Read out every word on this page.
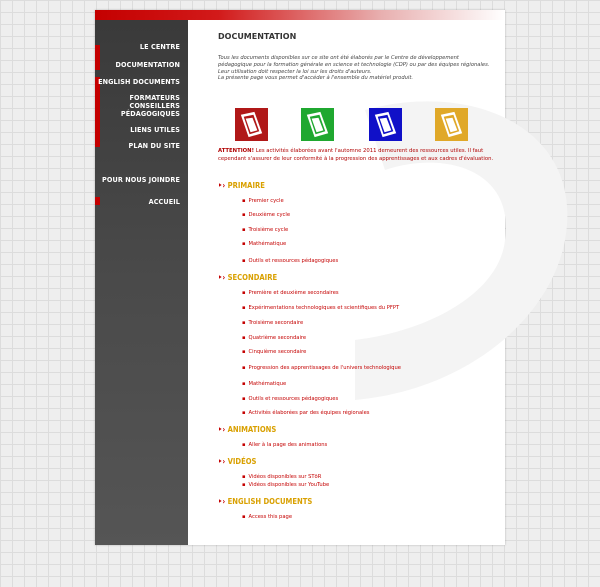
LE CENTRE
DOCUMENTATION
ENGLISH DOCUMENTS
FORMATEURS
CONSEILLERS
PÉDAGOGIQUES
LIENS UTILES
PLAN DU SITE
POUR NOUS JOINDRE
ACCUEIL
DOCUMENTATION
Tous les documents disponibles sur ce site ont été élaborés par le Centre de développement pédagogique pour la formation générale en science et technologie (CDP) ou par des équipes régionales. Leur utilisation doit respecter la loi sur les droits d'auteurs.
La présente page vous permet d'accéder à l'ensemble du matériel produit.
ATTENTION! Les activités élaborées avant l'automne 2011 demeurent des ressources utiles. Il faut cependant s'assurer de leur conformité à la progression des apprentissages et aux cadres d'évaluation.
‣› PRIMAIRE
▪ Premier cycle
▪ Deuxième cycle
▪ Troisième cycle
▪ Mathématique
▪ Outils et ressources pédagogiques
‣› SECONDAIRE
▪ Première et deuxième secondaires
▪ Expérimentations technologiques et scientifiques du PFPT
▪ Troisième secondaire
▪ Quatrième secondaire
▪ Cinquième secondaire
▪ Progression des apprentissages de l'univers technologique
▪ Mathématique
▪ Outils et ressources pédagogiques
▪ Activités élaborées par des équipes régionales
‣› ANIMATIONS
▪ Aller à la page des animations
‣› VIDÉOS
▪ Vidéos disponibles sur STōR
▪ Vidéos disponibles sur YouTube
‣› ENGLISH DOCUMENTS
▪ Access this page
